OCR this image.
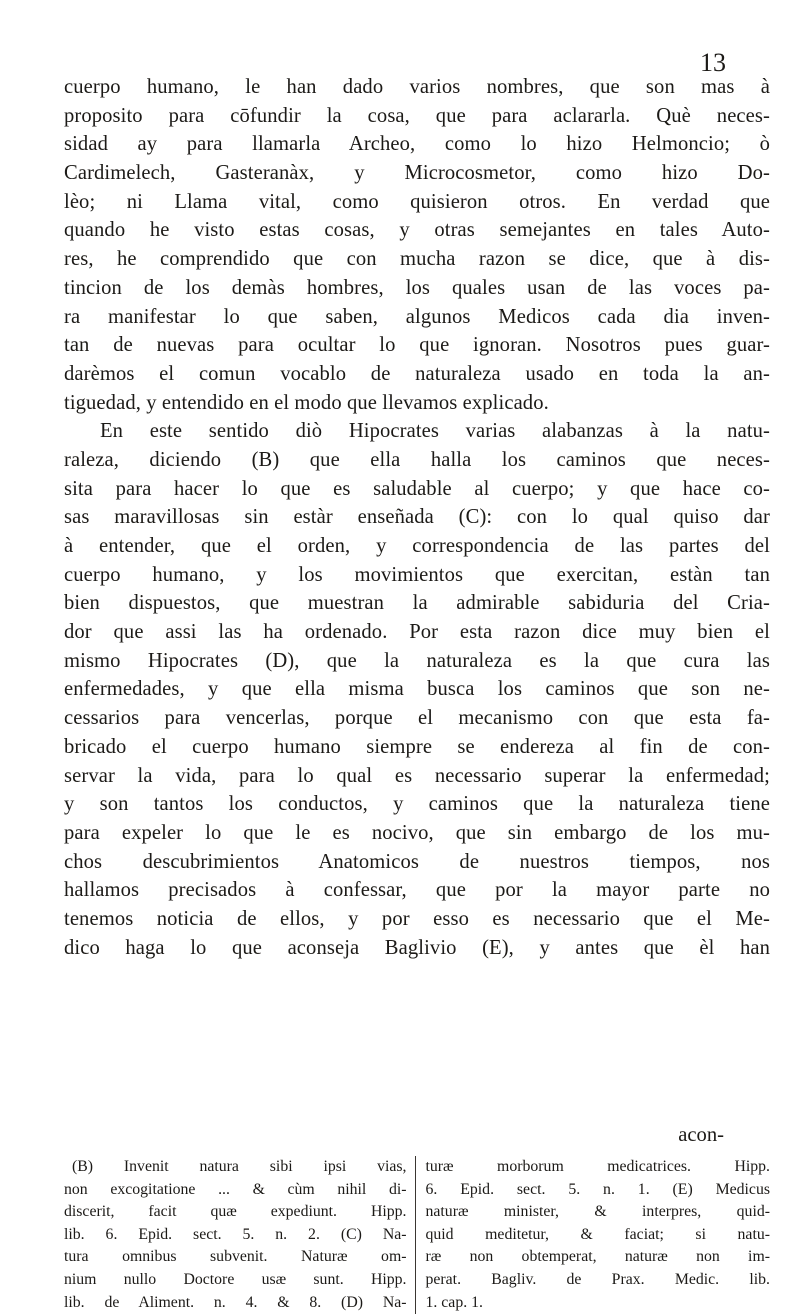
13
cuerpo humano, le han dado varios nombres, que son mas à
proposito para cōfundir la cosa, que para aclararla. Què neces-
sidad ay para llamarla Archeo, como lo hizo Helmoncio; ò
Cardimelech, Gasteranàx, y Microcosmetor, como hizo Do-
lèo; ni Llama vital, como quisieron otros. En verdad que
quando he visto estas cosas, y otras semejantes en tales Auto-
res, he comprendido que con mucha razon se dice, que à dis-
tincion de los demàs hombres, los quales usan de las voces pa-
ra manifestar lo que saben, algunos Medicos cada dia inven-
tan de nuevas para ocultar lo que ignoran. Nosotros pues guar-
darèmos el comun vocablo de naturaleza usado en toda la an-
tiguedad, y entendido en el modo que llevamos explicado.
En este sentido diò Hipocrates varias alabanzas à la natu-
raleza, diciendo (B) que ella halla los caminos que neces-
sita para hacer lo que es saludable al cuerpo; y que hace co-
sas maravillosas sin estàr enseñada (C): con lo qual quiso dar
à entender, que el orden, y correspondencia de las partes del
cuerpo humano, y los movimientos que exercitan, estàn tan
bien dispuestos, que muestran la admirable sabiduria del Cria-
dor que assi las ha ordenado. Por esta razon dice muy bien el
mismo Hipocrates (D), que la naturaleza es la que cura las
enfermedades, y que ella misma busca los caminos que son ne-
cessarios para vencerlas, porque el mecanismo con que esta fa-
bricado el cuerpo humano siempre se endereza al fin de con-
servar la vida, para lo qual es necessario superar la enfermedad;
y son tantos los conductos, y caminos que la naturaleza tiene
para expeler lo que le es nocivo, que sin embargo de los mu-
chos descubrimientos Anatomicos de nuestros tiempos, nos
hallamos precisados à confessar, que por la mayor parte no
tenemos noticia de ellos, y por esso es necessario que el Me-
dico haga lo que aconseja Baglivio (E), y antes que èl han
acon-
(B) Invenit natura sibi ipsi vias,
non excogitatione ... & cùm nihil di-
discerit, facit quæ expediunt. Hipp.
lib. 6. Epid. sect. 5. n. 2. (C) Na-
tura omnibus subvenit. Naturæ om-
nium nullo Doctore usæ sunt. Hipp.
lib. de Aliment. n. 4. & 8. (D) Na-
turæ morborum medicatrices. Hipp.
6. Epid. sect. 5. n. 1. (E) Medicus
naturæ minister, & interpres, quid-
quid meditetur, & faciat; si natu-
ræ non obtemperat, naturæ non im-
perat. Bagliv. de Prax. Medic. lib.
1. cap. 1.
